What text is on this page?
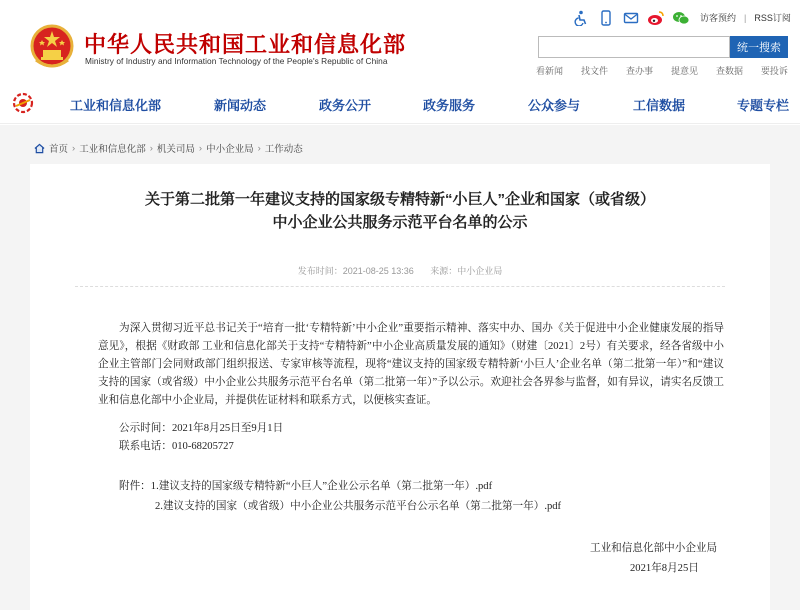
中华人民共和国工业和信息化部
Ministry of Industry and Information Technology of the People's Republic of China
访客预约 | RSS订阅
统一搜索
看新闻 找文件 查办事 提意见 查数据 要投诉
工业和信息化部	新闻动态	政务公开	政务服务	公众参与	工信数据	专题专栏
首页 › 工业和信息化部 › 机关司局 › 中小企业局 › 工作动态
关于第二批第一年建议支持的国家级专精特新“小巨人”企业和国家（或省级）
中小企业公共服务示范平台名单的公示
发布时间：2021-08-25 13:36 来源：中小企业局

为深入贯彻习近平总书记关于“培育一批‘专精特新’中小企业”重要指示精神、落实中办、国办《关于促进中小企业健康发展的指导意见》，根据《财政部 工业和信息化部关于支持“专精特新”中小企业高质量发展的通知》（财建〔2021〕2号）有关要求，经各省级中小企业主管部门会同财政部门组织报送、专家审核等流程，现将“建议支持的国家级专精特新‘小巨人’企业名单（第二批第一年）”和“建议支持的国家（或省级）中小企业公共服务示范平台名单（第二批第一年）”予以公示。欢迎社会各界参与监督，如有异议，请实名反馈工业和信息化部中小企业局，并提供佐证材料和联系方式，以便核实查证。

公示时间：2021年8月25日至9月1日
联系电话：010-68205727
附件：1.建议支持的国家级专精特新“小巨人”企业公示名单（第二批第一年）.pdf
2.建议支持的国家（或省级）中小企业公共服务示范平台公示名单（第二批第一年）.pdf
工业和信息化部中小企业局
2021年8月25日
